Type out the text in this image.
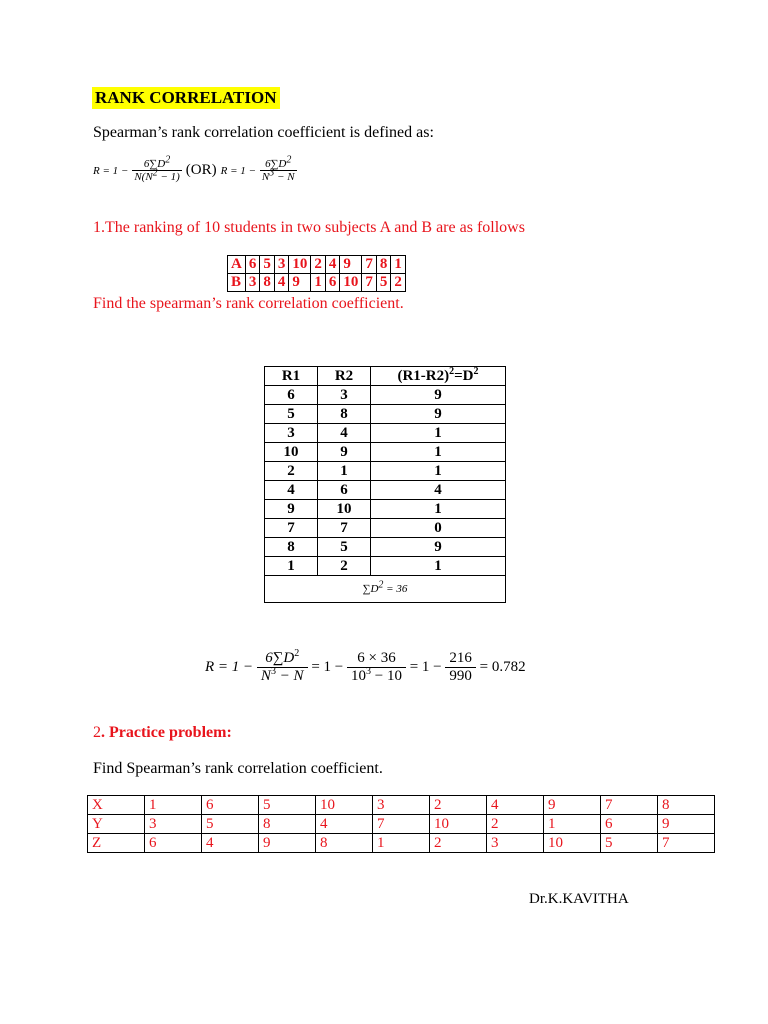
RANK CORRELATION
Spearman’s rank correlation coefficient is defined as:
$R = 1 - \frac{6\sum D^2}{N(N^2 - 1)} (OR) R = 1 - \frac{6\sum D^2}{N^3 - N}$
1.The ranking of 10 students in two subjects A and B are as follows
A	6	5	3	10	2	4	9	7	8	1
B	3	8	4	9	1	6	10	7	5	2
Find the spearman’s rank correlation coefficient.
R1	R2	$(R1-R2)^2=D^2$
6	3	9
5	8	9
3	4	1
10	9	1
2	1	1
4	6	4
9	10	1
7	7	0
8	5	9
1	2	1
$\sum D^2 = 36$		
$R = 1 - \frac{6\sum D^2}{N^3 - N} = 1 - \frac{6 \times 36}{10^3 - 10} = 1 - \frac{216}{990} = 0.782$
2. Practice problem:
Find Spearman’s rank correlation coefficient.
X	1	6	5	10	3	2	4	9	7	8
Y	3	5	8	4	7	10	2	1	6	9
Z	6	4	9	8	1	2	3	10	5	7
Dr.K.KAVITHA
